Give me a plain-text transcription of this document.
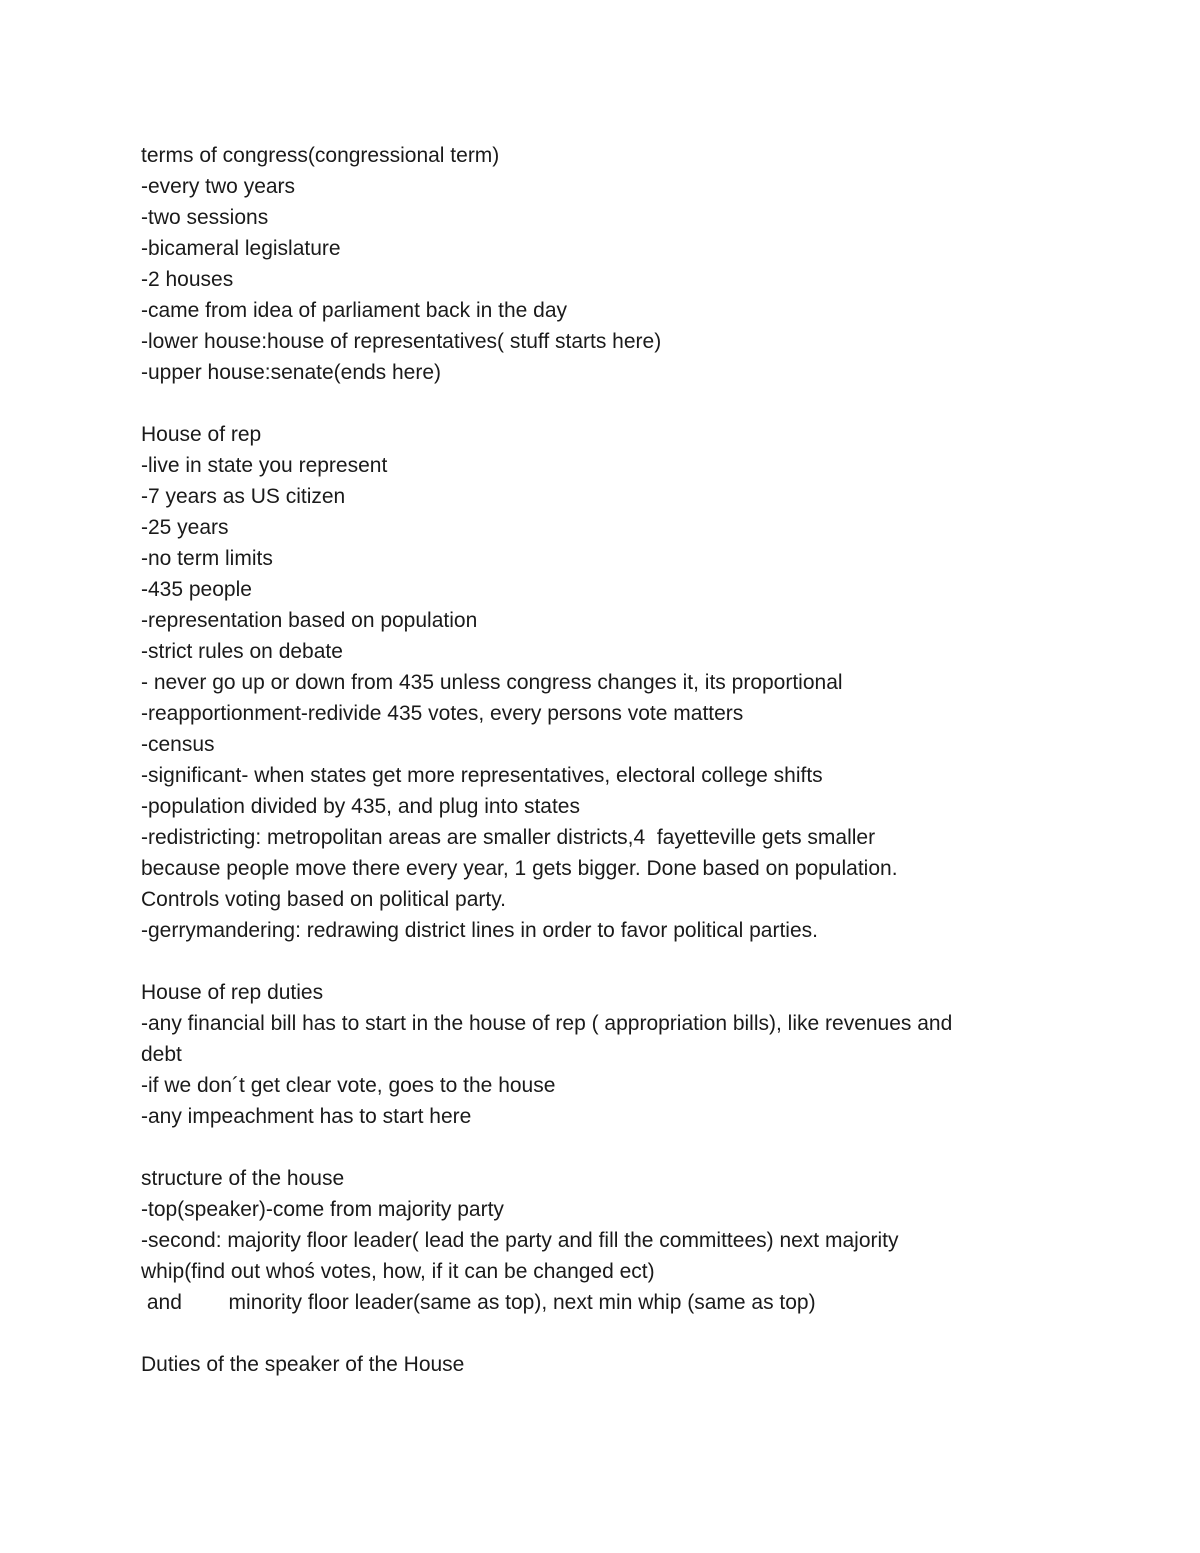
terms of congress(congressional term)
-every two years
-two sessions
-bicameral legislature
-2 houses
-came from idea of parliament back in the day
-lower house:house of representatives( stuff starts here)
-upper house:senate(ends here)
House of rep
-live in state you represent
-7 years as US citizen
-25 years
-no term limits
-435 people
-representation based on population
-strict rules on debate
- never go up or down from 435 unless congress changes it, its proportional
-reapportionment-redivide 435 votes, every persons vote matters
-census
-significant- when states get more representatives, electoral college shifts
-population divided by 435, and plug into states
-redistricting: metropolitan areas are smaller districts,4  fayetteville gets smaller
because people move there every year, 1 gets bigger. Done based on population.
Controls voting based on political party.
-gerrymandering: redrawing district lines in order to favor political parties.
House of rep duties
-any financial bill has to start in the house of rep ( appropriation bills), like revenues and
debt
-if we don´t get clear vote, goes to the house
-any impeachment has to start here
structure of the house
-top(speaker)-come from majority party
-second: majority floor leader( lead the party and fill the committees) next majority
whip(find out whoś votes, how, if it can be changed ect)
and        minority floor leader(same as top), next min whip (same as top)
Duties of the speaker of the House
